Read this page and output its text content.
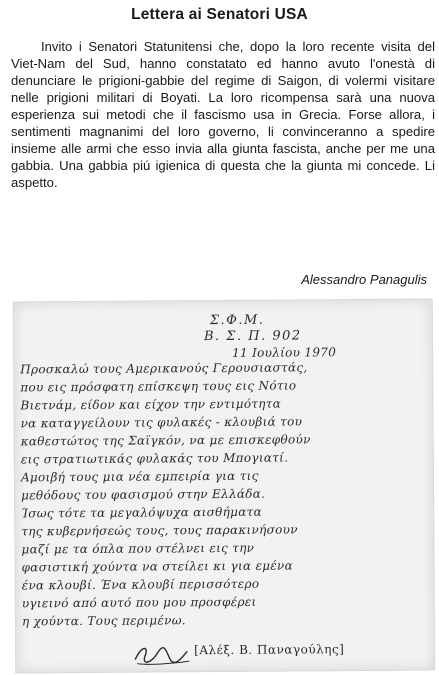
Lettera ai Senatori USA

Invito i Senatori Statunitensi che, dopo la loro recente visita del Viet-Nam del Sud, hanno constatato ed hanno avuto l'onestà di denunciare le prigioni-gabbie del regime di Saigon, di volermi visitare nelle prigioni militari di Boyati. La loro ricompensa sarà una nuova esperienza sui metodi che il fascismo usa in Grecia. Forse allora, i sentimenti magnanimi del loro governo, li convinceranno a spedire insieme alle armi che esso invia alla giunta fascista, anche per me una gabbia. Una gabbia piú igienica di questa che la giunta mi concede. Li aspetto.

Alessandro Panagulis
Σ.Φ.Μ.
Β. Σ. Π. 902
11 Ιουλίου 1970
Προσκαλώ τους Αμερικανούς Γερουσιαστάς,
που εις πρόσφατη επίσκεψη τους εις Νότιο
Βιετνάμ, είδον και είχον την εντιμότητα
να καταγγείλουν τις φυλακές - κλουβιά του
καθεστώτος της Σαϊγκόν, να με επισκεφθούν
εις στρατιωτικάς φυλακάς του Μπογιατί.
Αμοιβή τους μια νέα εμπειρία για τις
μεθόδους του φασισμού στην Ελλάδα.
Ίσως τότε τα μεγαλόψυχα αισθήματα
της κυβερνήσεώς τους, τους παρακινήσουν
μαζί με τα όπλα που στέλνει εις την
φασιστική χούντα να στείλει κι για εμένα
ένα κλουβί. Ένα κλουβί περισσότερο
υγιεινό από αυτό που μου προσφέρει
η χούντα. Τους περιμένω.
[Αλέξ. Β. Παναγούλης]
